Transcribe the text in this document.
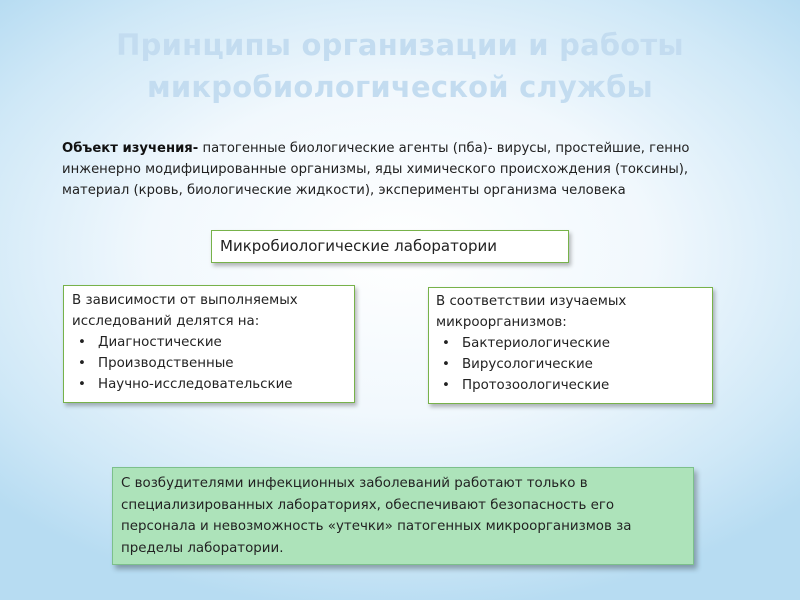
Принципы организации и работы
микробиологической службы
Объект изучения- патогенные биологические агенты (пба)- вирусы, простейшие, генно инженерно модифицированные организмы, яды химического происхождения (токсины), материал (кровь, биологические жидкости), эксперименты организма человека
Микробиологические лаборатории
В зависимости от выполняемых исследований делятся на:
• Диагностические
• Производственные
• Научно-исследовательские
В соответствии изучаемых микроорганизмов:
• Бактериологические
• Вирусологические
• Протозоологические
С возбудителями инфекционных заболеваний работают только в специализированных лабораториях, обеспечивают безопасность его персонала и невозможность «утечки» патогенных микроорганизмов за пределы лаборатории.
